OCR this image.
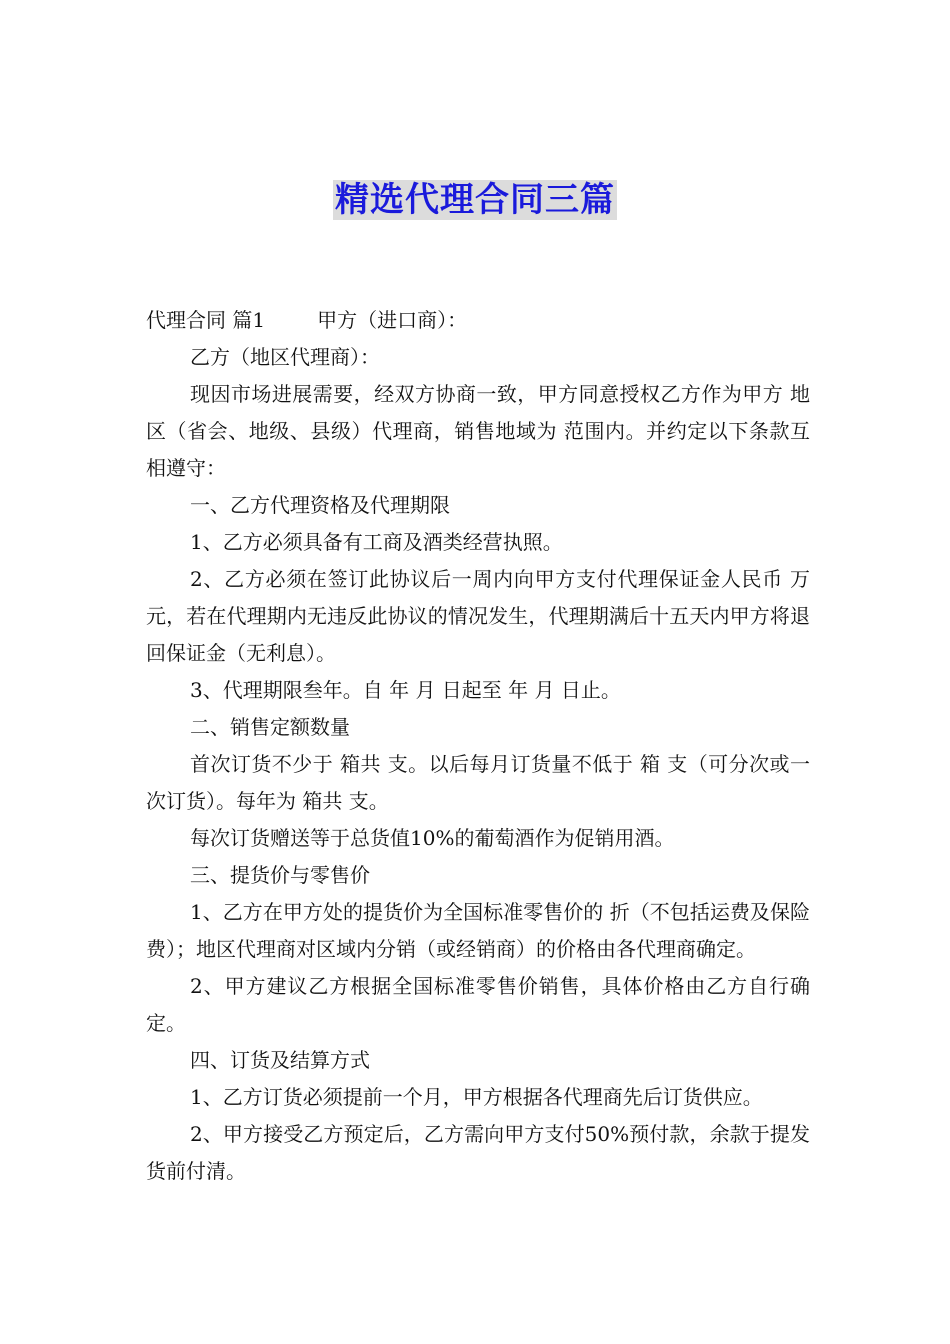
精选代理合同三篇

代理合同 篇1	甲方（进口商）：

乙方（地区代理商）：

现因市场进展需要，经双方协商一致，甲方同意授权乙方作为甲方 地区（省会、地级、县级）代理商，销售地域为 范围内。并约定以下条款互相遵守：

一、乙方代理资格及代理期限

1、乙方必须具备有工商及酒类经营执照。

2、乙方必须在签订此协议后一周内向甲方支付代理保证金人民币 万元，若在代理期内无违反此协议的情况发生，代理期满后十五天内甲方将退回保证金（无利息）。

3、代理期限叁年。自 年 月 日起至 年 月 日止。

二、销售定额数量

首次订货不少于 箱共 支。以后每月订货量不低于 箱 支（可分次或一次订货）。每年为 箱共 支。

每次订货赠送等于总货值10%的葡萄酒作为促销用酒。

三、提货价与零售价

1、乙方在甲方处的提货价为全国标准零售价的 折（不包括运费及保险费）；地区代理商对区域内分销（或经销商）的价格由各代理商确定。

2、甲方建议乙方根据全国标准零售价销售，具体价格由乙方自行确定。

四、订货及结算方式

1、乙方订货必须提前一个月，甲方根据各代理商先后订货供应。

2、甲方接受乙方预定后，乙方需向甲方支付50%预付款，余款于提发货前付清。
